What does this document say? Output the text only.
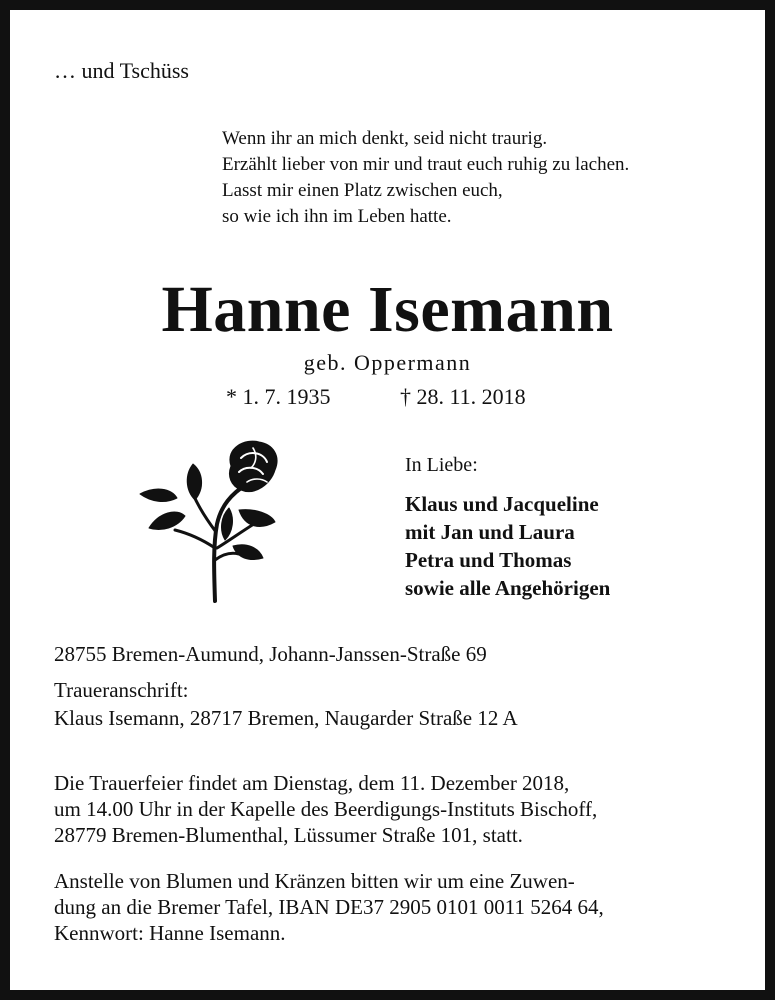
… und Tschüss
Wenn ihr an mich denkt, seid nicht traurig.
Erzählt lieber von mir und traut euch ruhig zu lachen.
Lasst mir einen Platz zwischen euch,
so wie ich ihn im Leben hatte.
Hanne Isemann
geb. Oppermann
* 1. 7. 1935	† 28. 11. 2018
In Liebe:
Klaus und Jacqueline
mit Jan und Laura
Petra und Thomas
sowie alle Angehörigen
28755 Bremen-Aumund, Johann-Janssen-Straße 69
Traueranschrift:
Klaus Isemann, 28717 Bremen, Naugarder Straße 12 A
Die Trauerfeier findet am Dienstag, dem 11. Dezember 2018,
um 14.00 Uhr in der Kapelle des Beerdigungs-Instituts Bischoff,
28779 Bremen-Blumenthal, Lüssumer Straße 101, statt.
Anstelle von Blumen und Kränzen bitten wir um eine Zuwen-
dung an die Bremer Tafel, IBAN DE37 2905 0101 0011 5264 64,
Kennwort: Hanne Isemann.
